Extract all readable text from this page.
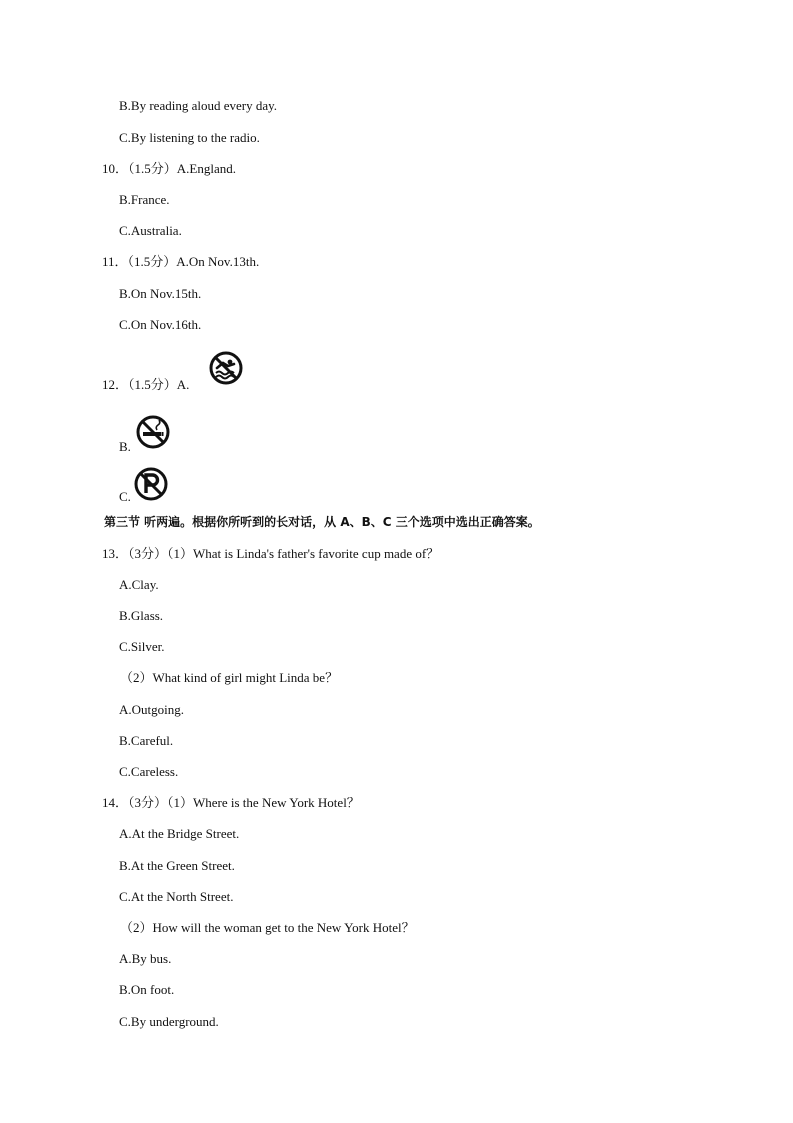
B.By reading aloud every day.
C.By listening to the radio.
10．（1.5分）A.England.
B.France.
C.Australia.
11．（1.5分）A.On Nov.13th.
B.On Nov.15th.
C.On Nov.16th.
12．（1.5分）A.
B.
C.
第三节 听两遍。根据你所听到的长对话，从 A、B、C 三个选项中选出正确答案。
13．（3分）（1）What is Linda's father's favorite cup made of？
A.Clay.
B.Glass.
C.Silver.
（2）What kind of girl might Linda be？
A.Outgoing.
B.Careful.
C.Careless.
14．（3分）（1）Where is the New York Hotel？
A.At the Bridge Street.
B.At the Green Street.
C.At the North Street.
（2）How will the woman get to the New York Hotel？
A.By bus.
B.On foot.
C.By underground.
